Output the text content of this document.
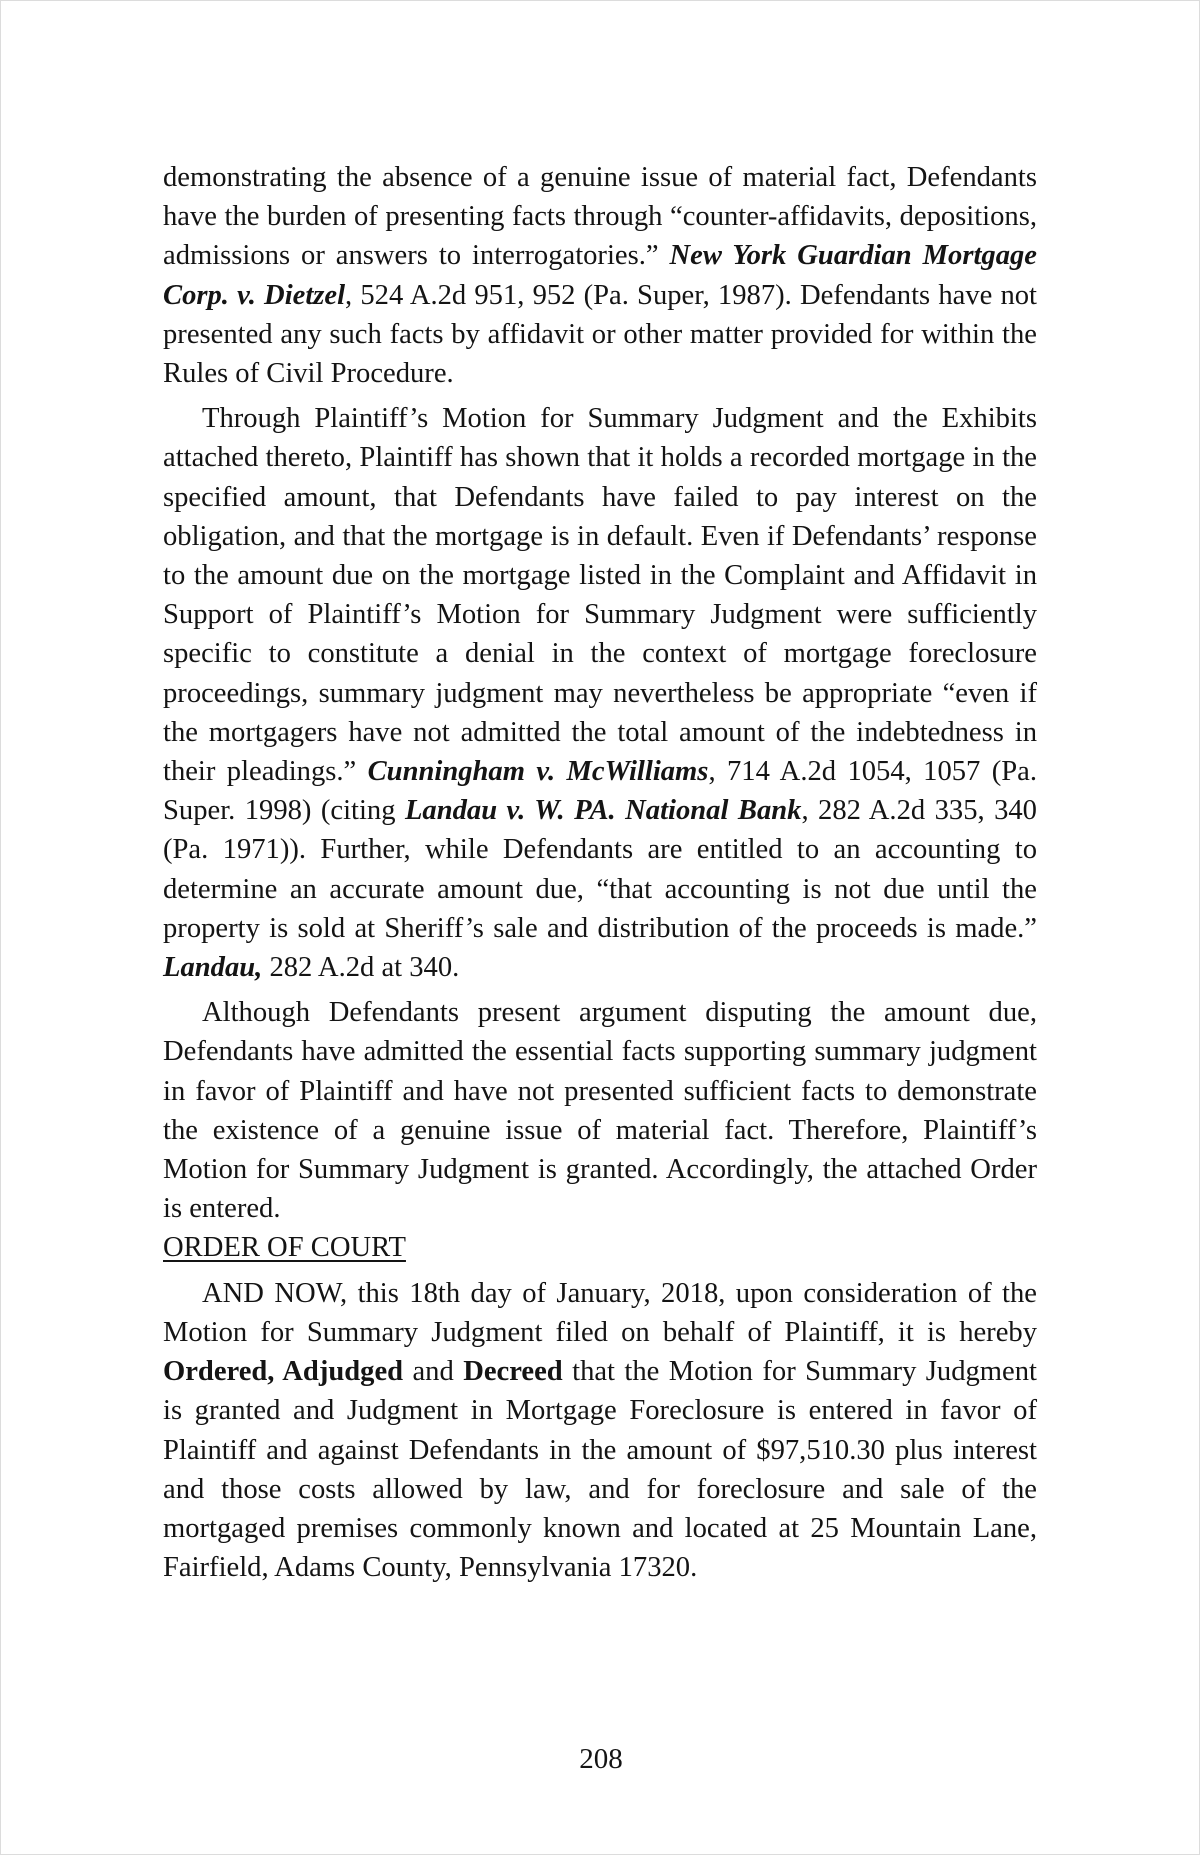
demonstrating the absence of a genuine issue of material fact, Defendants have the burden of presenting facts through “counter-affidavits, depositions, admissions or answers to interrogatories.” New York Guardian Mortgage Corp. v. Dietzel, 524 A.2d 951, 952 (Pa. Super, 1987). Defendants have not presented any such facts by affidavit or other matter provided for within the Rules of Civil Procedure.

Through Plaintiff’s Motion for Summary Judgment and the Exhibits attached thereto, Plaintiff has shown that it holds a recorded mortgage in the specified amount, that Defendants have failed to pay interest on the obligation, and that the mortgage is in default. Even if Defendants’ response to the amount due on the mortgage listed in the Complaint and Affidavit in Support of Plaintiff’s Motion for Summary Judgment were sufficiently specific to constitute a denial in the context of mortgage foreclosure proceedings, summary judgment may nevertheless be appropriate “even if the mortgagers have not admitted the total amount of the indebtedness in their pleadings.” Cunningham v. McWilliams, 714 A.2d 1054, 1057 (Pa. Super. 1998) (citing Landau v. W. PA. National Bank, 282 A.2d 335, 340 (Pa. 1971)). Further, while Defendants are entitled to an accounting to determine an accurate amount due, “that accounting is not due until the property is sold at Sheriff’s sale and distribution of the proceeds is made.” Landau, 282 A.2d at 340.

Although Defendants present argument disputing the amount due, Defendants have admitted the essential facts supporting summary judgment in favor of Plaintiff and have not presented sufficient facts to demonstrate the existence of a genuine issue of material fact. Therefore, Plaintiff’s Motion for Summary Judgment is granted. Accordingly, the attached Order is entered.

ORDER OF COURT

AND NOW, this 18th day of January, 2018, upon consideration of the Motion for Summary Judgment filed on behalf of Plaintiff, it is hereby Ordered, Adjudged and Decreed that the Motion for Summary Judgment is granted and Judgment in Mortgage Foreclosure is entered in favor of Plaintiff and against Defendants in the amount of $97,510.30 plus interest and those costs allowed by law, and for foreclosure and sale of the mortgaged premises commonly known and located at 25 Mountain Lane, Fairfield, Adams County, Pennsylvania 17320.

208
